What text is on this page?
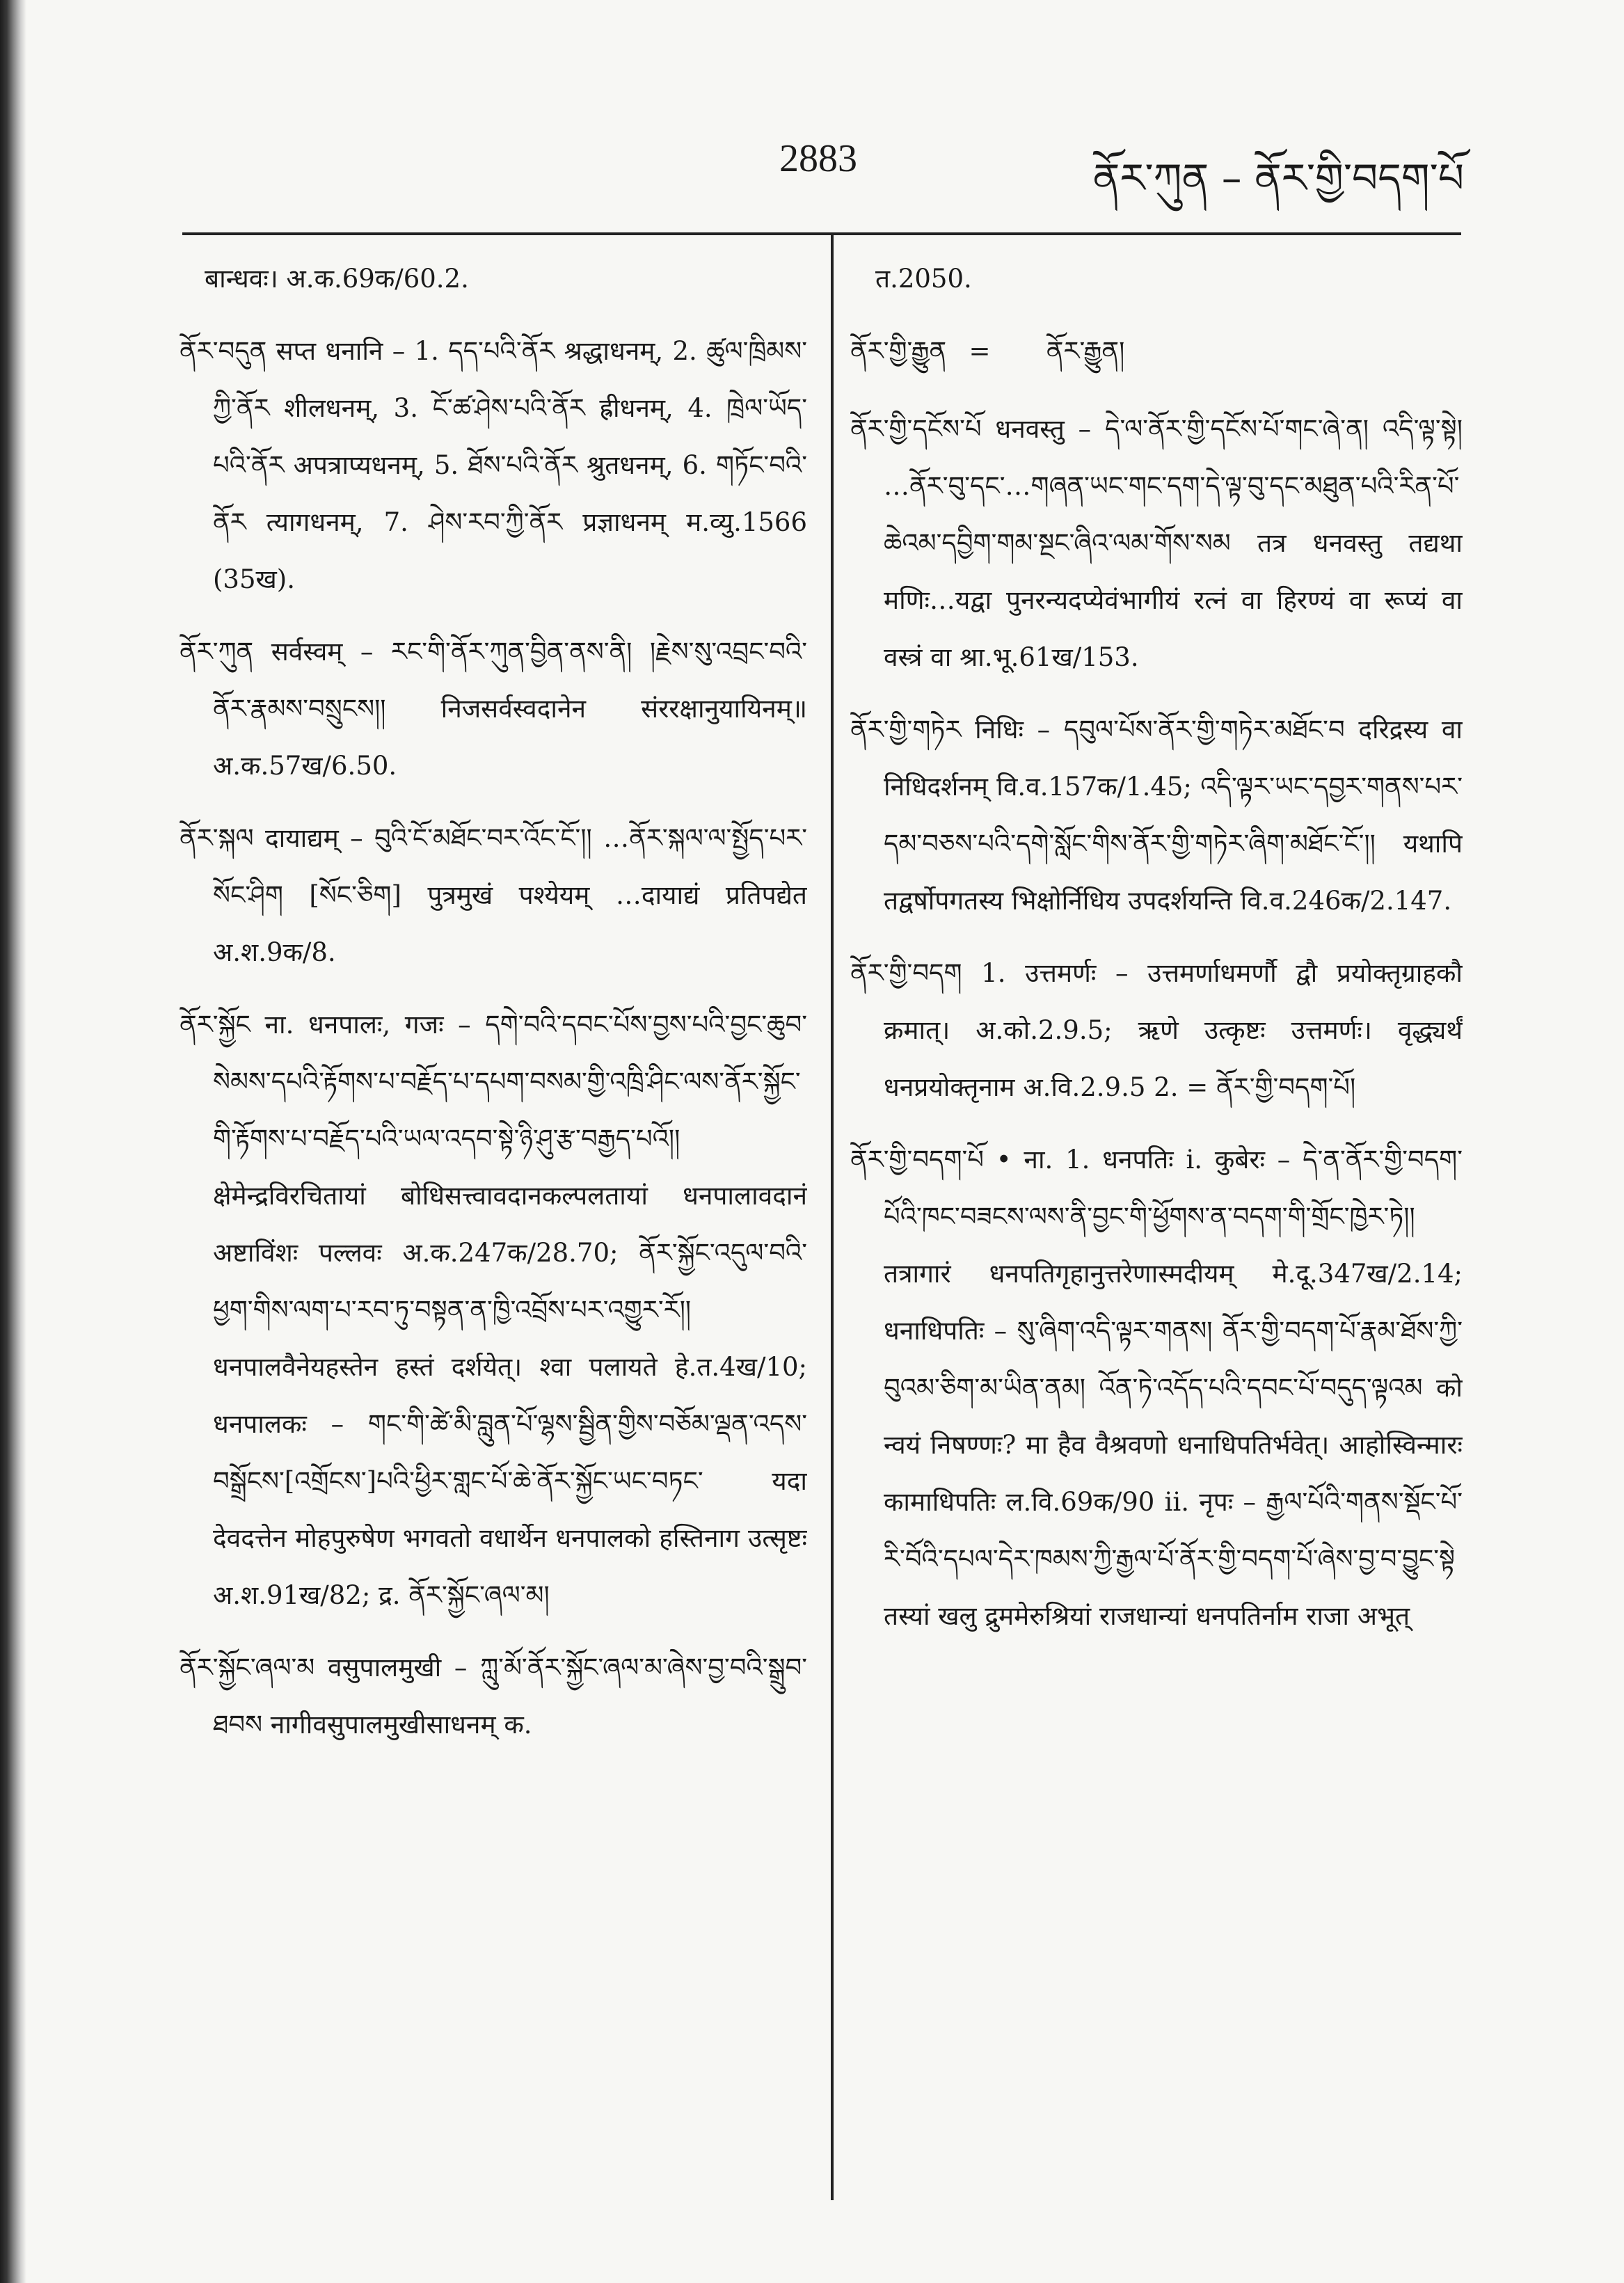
2883	ནོར་ཀུན – ནོར་གྱི་བདག་པོ

बान्धवः। अ.क.69क/60.2.

ནོར་བདུན सप्त धनानि – 1. དད་པའི་ནོར श्रद्धाधनम्, 2. ཚུལ་ཁྲིམས་ཀྱི་ནོར शीलधनम्, 3. ངོ་ཚ་ཤེས་པའི་ནོར ह्रीधनम्, 4. ཁྲེལ་ཡོད་པའི་ནོར अपत्राप्यधनम्, 5. ཐོས་པའི་ནོར श्रुतधनम्, 6. གཏོང་བའི་ནོར त्यागधनम्, 7. ཤེས་རབ་ཀྱི་ནོར प्रज्ञाधनम् म.व्यु.1566 (35ख).

ནོར་ཀུན सर्वस्वम् – རང་གི་ནོར་ཀུན་བྱིན་ནས་ནི། །རྗེས་སུ་འབྲང་བའི་ནོར་རྣམས་བསྲུངས།། निजसर्वस्वदानेन संररक्षानुयायिनम्॥ अ.क.57ख/6.50.

ནོར་སྐལ दायाद्यम् – བུའི་ངོ་མཐོང་བར་འོང་ངོ་།། …ནོར་སྐལ་ལ་སྤྱོད་པར་སོང་ཤིག [སོང་ཅིག] पुत्रमुखं पश्येयम् …दायाद्यं प्रतिपद्येत अ.श.9क/8.

ནོར་སྐྱོང ना. धनपालः, गजः – དགེ་བའི་དབང་པོས་བྱས་པའི་བྱང་ཆུབ་སེམས་དཔའི་རྟོགས་པ་བརྗོད་པ་དཔག་བསམ་གྱི་འཁྲི་ཤིང་ལས་ནོར་སྐྱོང་གི་རྟོགས་པ་བརྗོད་པའི་ཡལ་འདབ་སྟེ་ཉི་ཤུ་རྩ་བརྒྱད་པའོ།། क्षेमेन्द्रविरचितायां बोधिसत्त्वावदानकल्पलतायां धनपालावदानं अष्टाविंशः पल्लवः अ.क.247क/28.70; ནོར་སྐྱོང་འདུལ་བའི་ཕྱག་གིས་ལག་པ་རབ་ཏུ་བསྟན་ན་ཁྱི་འབྲོས་པར་འགྱུར་རོ།། धनपालवैनेयहस्तेन हस्तं दर्शयेत्। श्वा पलायते हे.त.4ख/10; धनपालकः – གང་གི་ཚེ་མི་བླུན་པོ་ལྷས་སྦྱིན་གྱིས་བཅོམ་ལྡན་འདས་བསྒྲོངས་[འགྲོངས་]པའི་ཕྱིར་གླང་པོ་ཆེ་ནོར་སྐྱོང་ཡང་བཏང་ यदा देवदत्तेन मोहपुरुषेण भगवतो वधार्थेन धनपालको हस्तिनाग उत्सृष्टः अ.श.91ख/82; द्र. ནོར་སྐྱོང་ཞལ་མ།

ནོར་སྐྱོང་ཞལ་མ वसुपालमुखी – ཀླུ་མོ་ནོར་སྐྱོང་ཞལ་མ་ཞེས་བྱ་བའི་སྒྲུབ་ཐབས नागीवसुपालमुखीसाधनम् क.

त.2050.

ནོར་གྱི་རྒྱུན = ནོར་རྒྱུན།

ནོར་གྱི་དངོས་པོ धनवस्तु – དེ་ལ་ནོར་གྱི་དངོས་པོ་གང་ཞེ་ན། འདི་ལྟ་སྟེ། …ནོར་བུ་དང་…གཞན་ཡང་གང་དག་དེ་ལྟ་བུ་དང་མཐུན་པའི་རིན་པོ་ཆེའམ་དབྱིག་གམ་སྔང་ཞིའ་ལམ་གོས་སམ तत्र धनवस्तु तद्यथा मणिः…यद्वा पुनरन्यदप्येवंभागीयं रत्नं वा हिरण्यं वा रूप्यं वा वस्त्रं वा श्रा.भू.61ख/153.

ནོར་གྱི་གཏེར निधिः – དབུལ་པོས་ནོར་གྱི་གཏེར་མཐོང་བ दरिद्रस्य वा निधिदर्शनम् वि.व.157क/1.45; འདི་ལྟར་ཡང་དབྱར་གནས་པར་དམ་བཅས་པའི་དགེ་སློང་གིས་ནོར་གྱི་གཏེར་ཞིག་མཐོང་ངོ་།། यथापि तद्वर्षोपगतस्य भिक्षोर्निधिय उपदर्शयन्ति वि.व.246क/2.147.

ནོར་གྱི་བདག 1. उत्तमर्णः – उत्तमर्णाधमर्णौ द्वौ प्रयोक्तृग्राहकौ क्रमात्। अ.को.2.9.5; ऋणे उत्कृष्टः उत्तमर्णः। वृद्ध्यर्थं धनप्रयोक्तृनाम अ.वि.2.9.5 2. = ནོར་གྱི་བདག་པོ།

ནོར་གྱི་བདག་པོ • ना. 1. धनपतिः i. कुबेरः – དེ་ན་ནོར་གྱི་བདག་པོའི་ཁང་བཟངས་ལས་ནི་བྱང་གི་ཕྱོགས་ན་བདག་གི་གྲོང་ཁྱེར་ཏེ།། तत्रागारं धनपतिगृहानुत्तरेणास्मदीयम् मे.दू.347ख/2.14; धनाधिपतिः – སུ་ཞིག་འདི་ལྟར་གནས། ནོར་གྱི་བདག་པོ་རྣམ་ཐོས་ཀྱི་བུའམ་ཅིག་མ་ཡིན་ནམ། འོན་ཏེ་འདོད་པའི་དབང་པོ་བདུད་ལྟའམ को न्वयं निषण्णः? मा हैव वैश्रवणो धनाधिपतिर्भवेत्। आहोस्विन्मारः कामाधिपतिः ल.वि.69क/90 ii. नृपः – རྒྱལ་པོའི་གནས་སྡོང་པོ་རི་བོའི་དཔལ་དེར་ཁམས་ཀྱི་རྒྱལ་པོ་ནོར་གྱི་བདག་པོ་ཞེས་བྱ་བ་བྱུང་སྟེ तस्यां खलु द्रुममेरुश्रियां राजधान्यां धनपतिर्नाम राजा अभूत्
